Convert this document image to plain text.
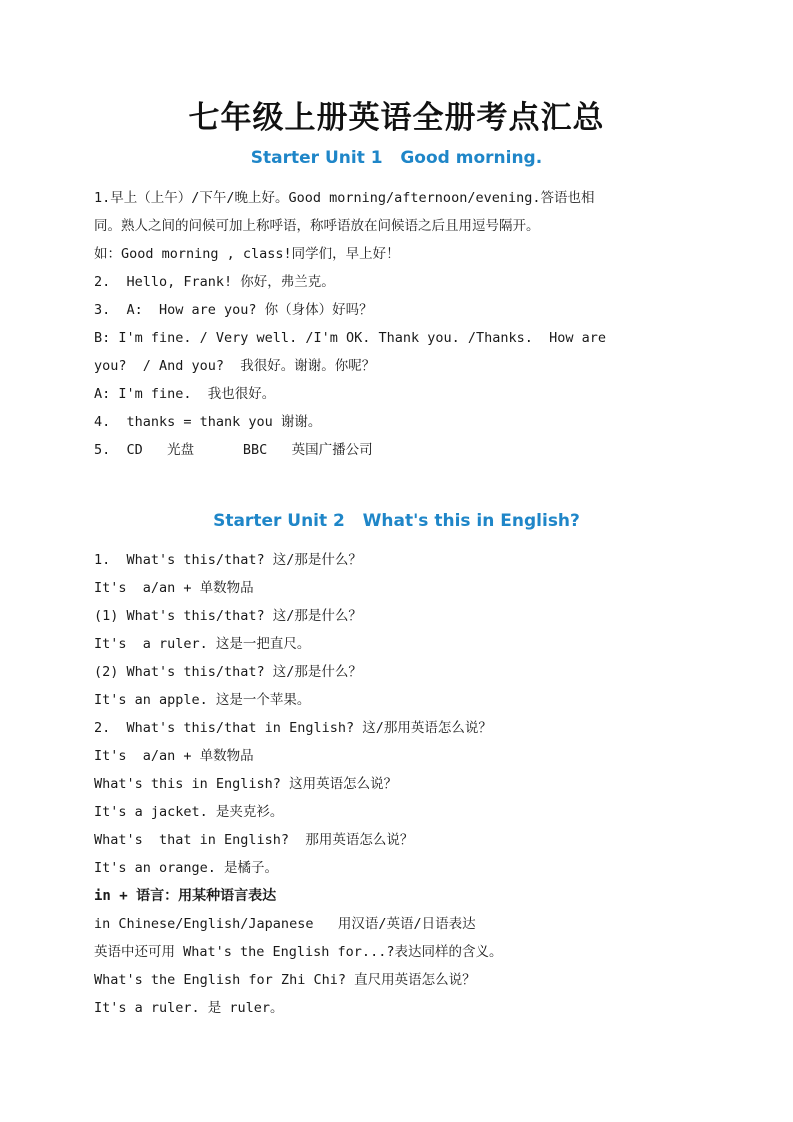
七年级上册英语全册考点汇总
Starter Unit 1   Good morning.
1.早上（上午）/下午/晚上好。Good morning/afternoon/evening.答语也相
同。熟人之间的问候可加上称呼语，称呼语放在问候语之后且用逗号隔开。
如：Good morning , class!同学们，早上好！
2.  Hello, Frank! 你好，弗兰克。
3.  A:  How are you? 你（身体）好吗？
B: I'm fine. / Very well. /I'm OK. Thank you. /Thanks.  How are
you?  / And you?  我很好。谢谢。你呢？
A: I'm fine.  我也很好。
4.  thanks = thank you 谢谢。
5.  CD   光盘      BBC   英国广播公司
Starter Unit 2   What's this in English?
1.  What's this/that? 这/那是什么？
It's  a/an + 单数物品
(1) What's this/that? 这/那是什么？
It's  a ruler. 这是一把直尺。
(2) What's this/that? 这/那是什么？
It's an apple. 这是一个苹果。
2.  What's this/that in English? 这/那用英语怎么说？
It's  a/an + 单数物品
What's this in English? 这用英语怎么说？
It's a jacket. 是夹克衫。
What's  that in English?  那用英语怎么说？
It's an orange. 是橘子。
in + 语言：用某种语言表达
in Chinese/English/Japanese   用汉语/英语/日语表达
英语中还可用 What's the English for...?表达同样的含义。
What's the English for Zhi Chi? 直尺用英语怎么说？
It's a ruler. 是 ruler。
